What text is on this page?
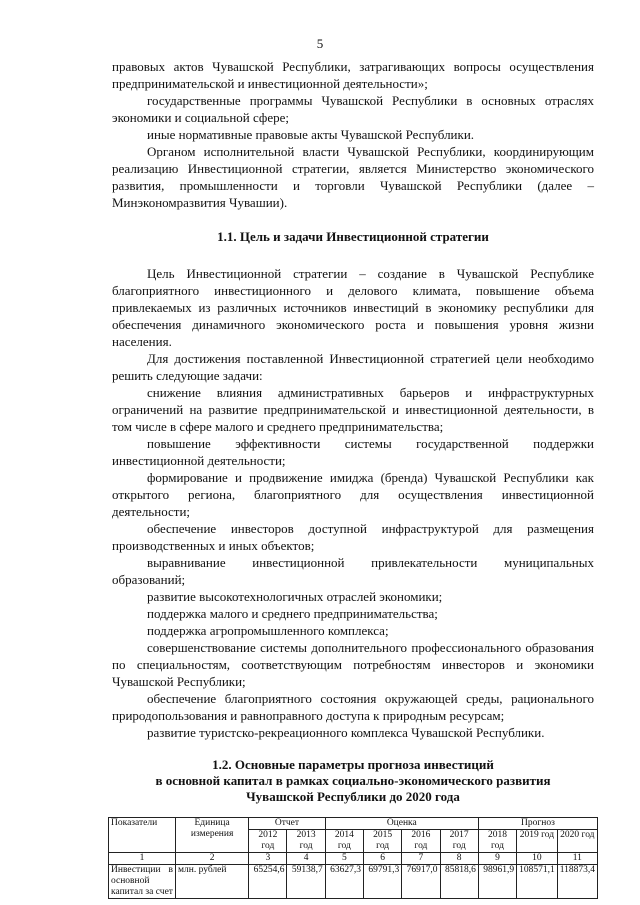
5

правовых актов Чувашской Республики, затрагивающих вопросы осуществления предпринимательской и инвестиционной деятельности»;

государственные программы Чувашской Республики в основных отраслях экономики и социальной сфере;

иные нормативные правовые акты Чувашской Республики.

Органом исполнительной власти Чувашской Республики, координирующим реализацию Инвестиционной стратегии, является Министерство экономического развития, промышленности и торговли Чувашской Республики (далее – Минэкономразвития Чувашии).

1.1. Цель и задачи Инвестиционной стратегии

Цель Инвестиционной стратегии – создание в Чувашской Республике благоприятного инвестиционного и делового климата, повышение объема привлекаемых из различных источников инвестиций в экономику республики для обеспечения динамичного экономического роста и повышения уровня жизни населения.

Для достижения поставленной Инвестиционной стратегией цели необходимо решить следующие задачи:

снижение влияния административных барьеров и инфраструктурных ограничений на развитие предпринимательской и инвестиционной деятельности, в том числе в сфере малого и среднего предпринимательства;

повышение эффективности системы государственной поддержки инвестиционной деятельности;

формирование и продвижение имиджа (бренда) Чувашской Республики как открытого региона, благоприятного для осуществления инвестиционной деятельности;

обеспечение инвесторов доступной инфраструктурой для размещения производственных и иных объектов;

выравнивание инвестиционной привлекательности муниципальных образований;

развитие высокотехнологичных отраслей экономики;

поддержка малого и среднего предпринимательства;

поддержка агропромышленного комплекса;

совершенствование системы дополнительного профессионального образования по специальностям, соответствующим потребностям инвесторов и экономики Чувашской Республики;

обеспечение благоприятного состояния окружающей среды, рационального природопользования и равноправного доступа к природным ресурсам;

развитие туристско-рекреационного комплекса Чувашской Республики.

1.2. Основные параметры прогноза инвестиций
в основной капитал в рамках социально-экономического развития
Чувашской Республики до 2020 года
Показатели	Единица измерения	Отчет		Оценка				Прогноз		
		2012 год	2013 год	2014 год	2015 год	2016 год	2017 год	2018 год	2019 год	2020 год
1	2	3	4	5	6	7	8	9	10	11
Инвестиции в основной капитал за счет	млн. рублей	65254,6	59138,7	63627,3	69791,3	76917,0	85818,6	98961,9	108571,1	118873,4
